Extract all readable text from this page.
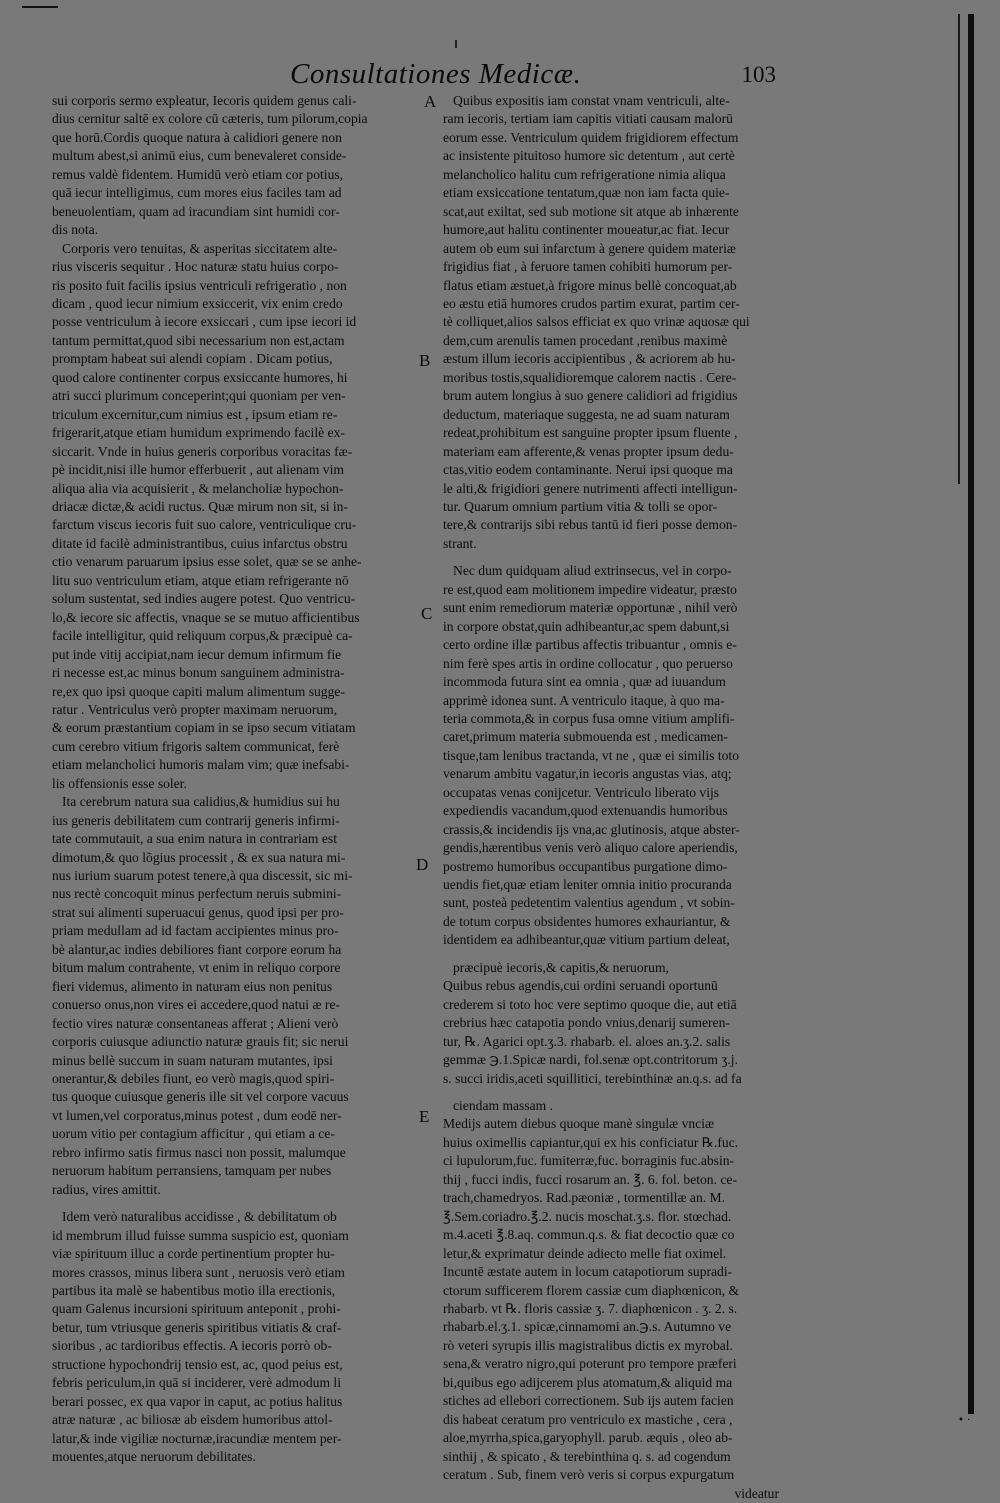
Consultationes Medicæ.	103
A
B
C
D
E
sui corporis sermo expleatur, Iecoris quidem genus cali-
dius cernitur saltē ex colore cū cæteris, tum pilorum,copia
que horū.Cordis quoque natura à calidiori genere non
multum abest,si animū eius, cum benevaleret conside-
remus valdè fidentem. Humidū verò etiam cor potius,
quā iecur intelligimus, cum mores eius faciles tam ad
beneuolentiam, quam ad iracundiam sint humidi cor-
dis nota.
Corporis vero tenuitas, & asperitas siccitatem alte-
rius visceris sequitur . Hoc naturæ statu huius corpo-
ris posito fuit facilis ipsius ventriculi refrigeratio , non
dicam , quod iecur nimium exsiccerit, vix enim credo
posse ventriculum à iecore exsiccari , cum ipse iecori id
tantum permittat,quod sibi necessarium non est,actam
promptam habeat sui alendi copiam . Dicam potius,
quod calore continenter corpus exsiccante humores, hi
atri succi plurimum conceperint;qui quoniam per ven-
triculum excernitur,cum nimius est , ipsum etiam re-
frigerarit,atque etiam humidum exprimendo facilè ex-
siccarit. Vnde in huius generis corporibus voracitas fæ-
pè incidit,nisi ille humor efferbuerit , aut alienam vim
aliqua alia via acquisierit , & melancholiæ hypochon-
driacæ dictæ,& acidi ructus. Quæ mirum non sit, si in-
farctum viscus iecoris fuit suo calore, ventriculique cru-
ditate id facilè administrantibus, cuius infarctus obstru
ctio venarum paruarum ipsius esse solet, quæ se se anhe-
litu suo ventriculum etiam, atque etiam refrigerante nō
solum sustentat, sed indies augere potest. Quo ventricu-
lo,& iecore sic affectis, vnaque se se mutuo afficientibus
facile intelligitur, quid reliquum corpus,& præcipuè ca-
put inde vitij accipiat,nam iecur demum infirmum fie
ri necesse est,ac minus bonum sanguinem administra-
re,ex quo ipsi quoque capiti malum alimentum sugge-
ratur . Ventriculus verò propter maximam neruorum,
& eorum præstantium copiam in se ipso secum vitiatam
cum cerebro vitium frigoris saltem communicat, ferè
etiam melancholici humoris malam vim; quæ inefsabi-
lis offensionis esse soler.
Ita cerebrum natura sua calidius,& humidius sui hu
ius generis debilitatem cum contrarij generis infirmi-
tate commutauit, a sua enim natura in contrariam est
dimotum,& quo lõgius processit , & ex sua natura mi-
nus iurium suarum potest tenere,à qua discessit, sic mi-
nus rectè concoquit minus perfectum neruis submini-
strat sui alimenti superuacui genus, quod ipsi per pro-
priam medullam ad id factam accipientes minus pro-
bè alantur,ac indies debiliores fiant corpore eorum ha
bitum malum contrahente, vt enim in reliquo corpore
fieri videmus, alimento in naturam eius non penitus
conuerso onus,non vires ei accedere,quod natui æ re-
fectio vires naturæ consentaneas afferat ; Alieni verò
corporis cuiusque adiunctio naturæ grauis fit; sic nerui
minus bellè succum in suam naturam mutantes, ipsi
onerantur,& debiles fiunt, eo verò magis,quod spiri-
tus quoque cuiusque generis ille sit vel corpore vacuus
vt lumen,vel corporatus,minus potest , dum eodē ner-
uorum vitio per contagium afficitur , qui etiam a ce-
rebro infirmo satis firmus nasci non possit, malumque
neruorum habitum perransiens, tamquam per nubes
radius, vires amittit.
Idem verò naturalibus accidisse , & debilitatum ob
id membrum illud fuisse summa suspicio est, quoniam
viæ spirituum illuc a corde pertinentium propter hu-
mores crassos, minus libera sunt , neruosis verò etiam
partibus ita malè se habentibus motio illa erectionis,
quam Galenus incursioni spirituum anteponit , prohi-
betur, tum vtriusque generis spiritibus vitiatis & craf-
sioribus , ac tardioribus effectis. A iecoris porrò ob-
structione hypochondrij tensio est, ac, quod peius est,
febris periculum,in quā si inciderer, verè admodum li
berari possec, ex qua vapor in caput, ac potius halitus
atræ naturæ , ac biliosæ ab eisdem humoribus attol-
latur,& inde vigiliæ nocturnæ,iracundiæ mentem per-
mouentes,atque neruorum debilitates.
Quibus expositis iam constat vnam ventriculi, alte-
ram iecoris, tertiam iam capitis vitiati causam malorū
eorum esse. Ventriculum quidem frigidiorem effectum
ac insistente pituitoso humore sic detentum , aut certè
melancholico halitu cum refrigeratione nimia aliqua
etiam exsiccatione tentatum,quæ non iam facta quie-
scat,aut exiltat, sed sub motione sit atque ab inhærente
humore,aut halitu continenter moueatur,ac fiat. Iecur
autem ob eum sui infarctum à genere quidem materiæ
frigidius fiat , à feruore tamen cohibiti humorum per-
flatus etiam æstuet,à frigore minus bellè concoquat,ab
eo æstu etiā humores crudos partim exurat, partim cer-
tè colliquet,alios salsos efficiat ex quo vrinæ aquosæ qui
dem,cum arenulis tamen procedant ,renibus maximè
æstum illum iecoris accipientibus , & acriorem ab hu-
moribus tostis,squalidioremque calorem nactis . Cere-
brum autem longius à suo genere calidiori ad frigidius
deductum, materiaque suggesta, ne ad suam naturam
redeat,prohibitum est sanguine propter ipsum fluente ,
materiam eam afferente,& venas propter ipsum dedu-
ctas,vitio eodem contaminante. Nerui ipsi quoque ma
le alti,& frigidiori genere nutrimenti affecti intelligun-
tur. Quarum omnium partium vitia & tolli se opor-
tere,& contrarijs sibi rebus tantū id fieri posse demon-
strant.
Nec dum quidquam aliud extrinsecus, vel in corpo-
re est,quod eam molitionem impedire videatur, præsto
sunt enim remediorum materiæ opportunæ , nihil verò
in corpore obstat,quin adhibeantur,ac spem dabunt,si
certo ordine illæ partibus affectis tribuantur , omnis e-
nim ferè spes artis in ordine collocatur , quo peruerso
incommoda futura sint ea omnia , quæ ad iuuandum
apprimè idonea sunt. A ventriculo itaque, à quo ma-
teria commota,& in corpus fusa omne vitium amplifi-
caret,primum materia submouenda est , medicamen-
tisque,tam lenibus tractanda, vt ne , quæ ei similis toto
venarum ambitu vagatur,in iecoris angustas vias, atq;
occupatas venas conijcetur. Ventriculo liberato vijs
expediendis vacandum,quod extenuandis humoribus
crassis,& incidendis ijs vna,ac glutinosis, atque abster-
gendis,hærentibus venis verò aliquo calore aperiendis,
postremo humoribus occupantibus purgatione dimo-
uendis fiet,quæ etiam leniter omnia initio procuranda
sunt, posteà pedetentim valentius agendum , vt sobin-
de totum corpus obsidentes humores exhauriantur, &
identidem ea adhibeantur,quæ vitium partium deleat,
præcipuè iecoris,& capitis,& neruorum,
Quibus rebus agendis,cui ordini seruandi oportunū
crederem si toto hoc vere septimo quoque die, aut etiā
crebrius hæc catapotia pondo vnius,denarij sumeren-
tur, ℞. Agarici opt.ʒ.3. rhabarb. el. aloes an.ʒ.2. salis
gemmæ ℈.1.Spicæ nardi, fol.senæ opt.contritorum ʒ.j.
s. succi iridis,aceti squillitici, terebinthinæ an.q.s. ad fa
ciendam massam .
Medijs autem diebus quoque manè singulæ vnciæ
huius oximellis capiantur,qui ex his conficiatur ℞.fuc.
ci lupulorum,fuc. fumiterræ,fuc. borraginis fuc.absin-
thij , fucci indis, fucci rosarum an. ℥. 6. fol. beton. ce-
trach,chamedryos. Rad.pæoniæ , tormentillæ an. M.
℥.Sem.coriadro.℥.2. nucis moschat.ʒ.s. flor. stœchad.
m.4.aceti ℥.8.aq. commun.q.s. & fiat decoctio quæ co
letur,& exprimatur deinde adiecto melle fiat oximel.
Incuntē æstate autem in locum catapotiorum supradi-
ctorum sufficerem florem cassiæ cum diaphœnicon, &
rhabarb. vt ℞. floris cassiæ ʒ. 7. diaphœnicon . ʒ. 2. s.
rhabarb.el.ʒ.1. spicæ,cinnamomi an.℈.s. Autumno ve
rò veteri syrupis illis magistralibus dictis ex myrobal.
sena,& veratro nigro,qui poterunt pro tempore præferi
bi,quibus ego adijcerem plus atomatum,& aliquid ma
stiches ad ellebori correctionem. Sub ijs autem facien
dis habeat ceratum pro ventriculo ex mastiche , cera ,
aloe,myrrha,spica,garyophyll. parub. æquis , oleo ab-
sinthij , & spicato , & terebinthina q. s. ad cogendum
ceratum . Sub, finem verò veris si corpus expurgatum
videatur
• ·
